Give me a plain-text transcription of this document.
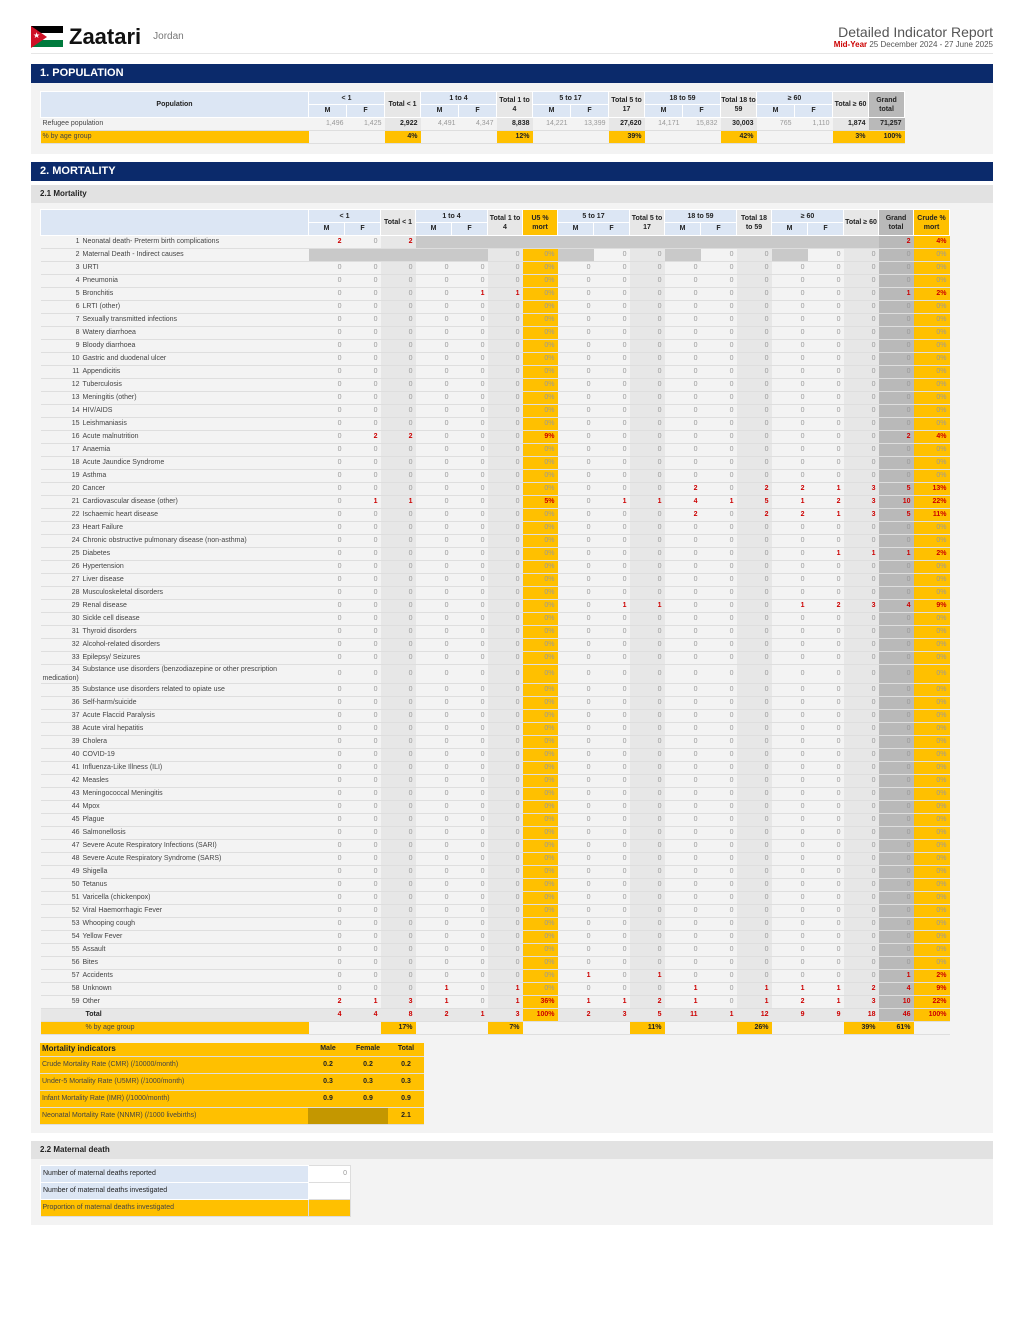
★ Zaatari Jordan	Detailed Indicator Report
Mid-Year 25 December 2024 - 27 June 2025
1. POPULATION
Population	< 1		Total < 1	1 to 4		Total 1 to 4	5 to 17		Total 5 to 17	18 to 59		Total 18 to 59	≥ 60		Total ≥ 60	Grand total
	M	F		M	F		M	F		M	F		M	F		
Refugee population	1,496	1,425	2,922	4,491	4,347	8,838	14,221	13,399	27,620	14,171	15,832	30,003	765	1,110	1,874	71,257
% by age group			4%			12%			39%			42%			3%	100%
2. MORTALITY
2.1 Mortality
	< 1		Total < 1	1 to 4		Total 1 to 4	U5 % mort	5 to 17		Total 5 to 17	18 to 59		Total 18 to 59	≥ 60		Total ≥ 60	Grand total	Crude % mort
	M	F		M	F			M	F		M	F		M	F			
1 Neonatal death- Preterm birth complications	2	0	2														2	4%
2 Maternal Death - Indirect causes						0	0%		0	0		0	0		0	0	0	0%
3 URTI	0	0	0	0	0	0	0%	0	0	0	0	0	0	0	0	0	0	0%
4 Pneumonia	0	0	0	0	0	0	0%	0	0	0	0	0	0	0	0	0	0	0%
5 Bronchitis	0	0	0	0	1	1	0%	0	0	0	0	0	0	0	0	0	1	2%
6 LRTI (other)	0	0	0	0	0	0	0%	0	0	0	0	0	0	0	0	0	0	0%
7 Sexually transmitted infections	0	0	0	0	0	0	0%	0	0	0	0	0	0	0	0	0	0	0%
8 Watery diarrhoea	0	0	0	0	0	0	0%	0	0	0	0	0	0	0	0	0	0	0%
9 Bloody diarrhoea	0	0	0	0	0	0	0%	0	0	0	0	0	0	0	0	0	0	0%
10 Gastric and duodenal ulcer	0	0	0	0	0	0	0%	0	0	0	0	0	0	0	0	0	0	0%
11 Appendicitis	0	0	0	0	0	0	0%	0	0	0	0	0	0	0	0	0	0	0%
12 Tuberculosis	0	0	0	0	0	0	0%	0	0	0	0	0	0	0	0	0	0	0%
13 Meningitis (other)	0	0	0	0	0	0	0%	0	0	0	0	0	0	0	0	0	0	0%
14 HIV/AIDS	0	0	0	0	0	0	0%	0	0	0	0	0	0	0	0	0	0	0%
15 Leishmaniasis	0	0	0	0	0	0	0%	0	0	0	0	0	0	0	0	0	0	0%
16 Acute malnutrition	0	2	2	0	0	0	9%	0	0	0	0	0	0	0	0	0	2	4%
17 Anaemia	0	0	0	0	0	0	0%	0	0	0	0	0	0	0	0	0	0	0%
18 Acute Jaundice Syndrome	0	0	0	0	0	0	0%	0	0	0	0	0	0	0	0	0	0	0%
19 Asthma	0	0	0	0	0	0	0%	0	0	0	0	0	0	0	0	0	0	0%
20 Cancer	0	0	0	0	0	0	0%	0	0	0	2	0	2	2	1	3	5	13%
21 Cardiovascular disease (other)	0	1	1	0	0	0	5%	0	1	1	4	1	5	1	2	3	10	22%
22 Ischaemic heart disease	0	0	0	0	0	0	0%	0	0	0	2	0	2	2	1	3	5	11%
23 Heart Failure	0	0	0	0	0	0	0%	0	0	0	0	0	0	0	0	0	0	0%
24 Chronic obstructive pulmonary disease (non-asthma)	0	0	0	0	0	0	0%	0	0	0	0	0	0	0	0	0	0	0%
25 Diabetes	0	0	0	0	0	0	0%	0	0	0	0	0	0	0	1	1	1	2%
26 Hypertension	0	0	0	0	0	0	0%	0	0	0	0	0	0	0	0	0	0	0%
27 Liver disease	0	0	0	0	0	0	0%	0	0	0	0	0	0	0	0	0	0	0%
28 Musculoskeletal disorders	0	0	0	0	0	0	0%	0	0	0	0	0	0	0	0	0	0	0%
29 Renal disease	0	0	0	0	0	0	0%	0	1	1	0	0	0	1	2	3	4	9%
30 Sickle cell disease	0	0	0	0	0	0	0%	0	0	0	0	0	0	0	0	0	0	0%
31 Thyroid disorders	0	0	0	0	0	0	0%	0	0	0	0	0	0	0	0	0	0	0%
32 Alcohol-related disorders	0	0	0	0	0	0	0%	0	0	0	0	0	0	0	0	0	0	0%
33 Epilepsy/ Seizures	0	0	0	0	0	0	0%	0	0	0	0	0	0	0	0	0	0	0%
34 Substance use disorders (benzodiazepine or other prescription medication)	0	0	0	0	0	0	0%	0	0	0	0	0	0	0	0	0	0	0%
35 Substance use disorders related to opiate use	0	0	0	0	0	0	0%	0	0	0	0	0	0	0	0	0	0	0%
36 Self-harm/suicide	0	0	0	0	0	0	0%	0	0	0	0	0	0	0	0	0	0	0%
37 Acute Flaccid Paralysis	0	0	0	0	0	0	0%	0	0	0	0	0	0	0	0	0	0	0%
38 Acute viral hepatitis	0	0	0	0	0	0	0%	0	0	0	0	0	0	0	0	0	0	0%
39 Cholera	0	0	0	0	0	0	0%	0	0	0	0	0	0	0	0	0	0	0%
40 COVID-19	0	0	0	0	0	0	0%	0	0	0	0	0	0	0	0	0	0	0%
41 Influenza-Like Illness (ILI)	0	0	0	0	0	0	0%	0	0	0	0	0	0	0	0	0	0	0%
42 Measles	0	0	0	0	0	0	0%	0	0	0	0	0	0	0	0	0	0	0%
43 Meningococcal Meningitis	0	0	0	0	0	0	0%	0	0	0	0	0	0	0	0	0	0	0%
44 Mpox	0	0	0	0	0	0	0%	0	0	0	0	0	0	0	0	0	0	0%
45 Plague	0	0	0	0	0	0	0%	0	0	0	0	0	0	0	0	0	0	0%
46 Salmonellosis	0	0	0	0	0	0	0%	0	0	0	0	0	0	0	0	0	0	0%
47 Severe Acute Respiratory Infections (SARI)	0	0	0	0	0	0	0%	0	0	0	0	0	0	0	0	0	0	0%
48 Severe Acute Respiratory Syndrome (SARS)	0	0	0	0	0	0	0%	0	0	0	0	0	0	0	0	0	0	0%
49 Shigella	0	0	0	0	0	0	0%	0	0	0	0	0	0	0	0	0	0	0%
50 Tetanus	0	0	0	0	0	0	0%	0	0	0	0	0	0	0	0	0	0	0%
51 Varicella (chickenpox)	0	0	0	0	0	0	0%	0	0	0	0	0	0	0	0	0	0	0%
52 Viral Haemorrhagic Fever	0	0	0	0	0	0	0%	0	0	0	0	0	0	0	0	0	0	0%
53 Whooping cough	0	0	0	0	0	0	0%	0	0	0	0	0	0	0	0	0	0	0%
54 Yellow Fever	0	0	0	0	0	0	0%	0	0	0	0	0	0	0	0	0	0	0%
55 Assault	0	0	0	0	0	0	0%	0	0	0	0	0	0	0	0	0	0	0%
56 Bites	0	0	0	0	0	0	0%	0	0	0	0	0	0	0	0	0	0	0%
57 Accidents	0	0	0	0	0	0	0%	1	0	1	0	0	0	0	0	0	1	2%
58 Unknown	0	0	0	1	0	1	0%	0	0	0	1	0	1	1	1	2	4	9%
59 Other	2	1	3	1	0	1	36%	1	1	2	1	0	1	2	1	3	10	22%
Total	4	4	8	2	1	3	100%	2	3	5	11	1	12	9	9	18	46	100%
% by age group			17%			7%				11%			26%			39%	61%	
Mortality indicators	Male	Female	Total
Crude Mortality Rate (CMR) (/10000/month)	0.2	0.2	0.2
Under-5 Mortality Rate (U5MR) (/1000/month)	0.3	0.3	0.3
Infant Mortality Rate (IMR) (/1000/month)	0.9	0.9	0.9
Neonatal Mortality Rate (NNMR) (/1000 livebirths)			2.1
2.2 Maternal death
Number of maternal deaths reported	0
Number of maternal deaths investigated	
Proportion of maternal deaths investigated	
